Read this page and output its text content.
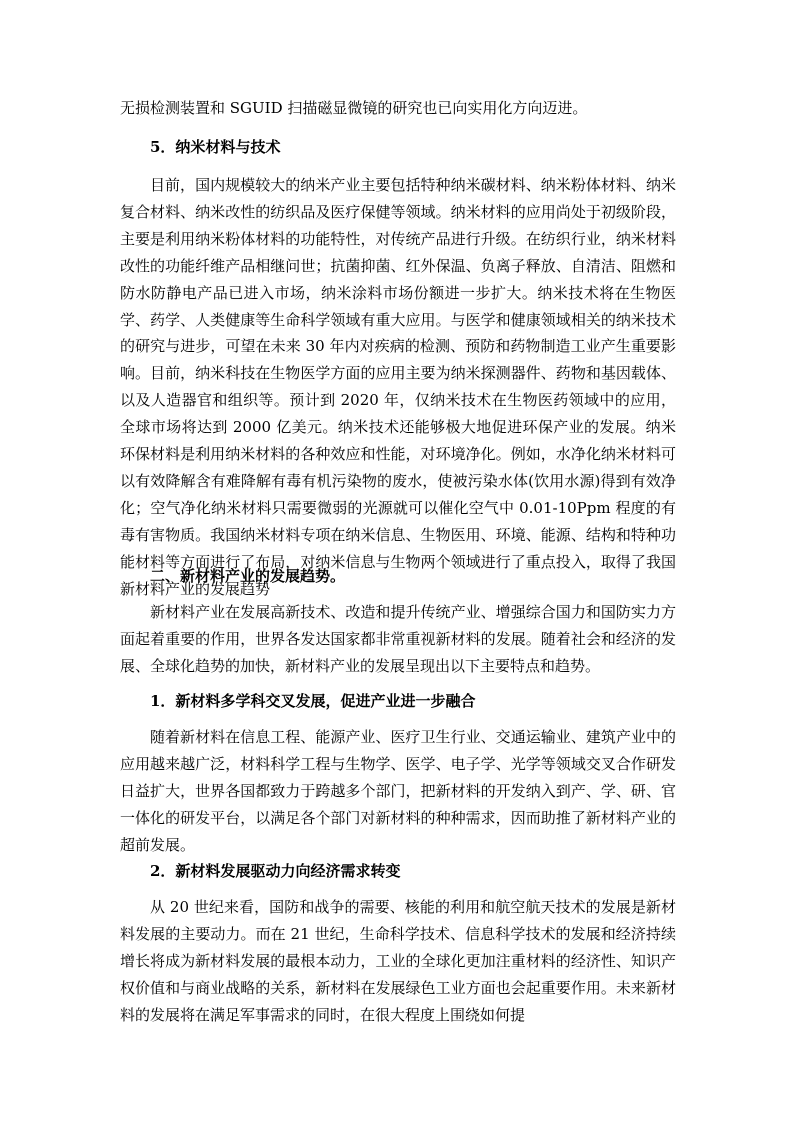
无损检测装置和 SGUID 扫描磁显微镜的研究也已向实用化方向迈进。

5．纳米材料与技术

目前，国内规模较大的纳米产业主要包括特种纳米碳材料、纳米粉体材料、纳米复合材料、纳米改性的纺织品及医疗保健等领域。纳米材料的应用尚处于初级阶段，主要是利用纳米粉体材料的功能特性，对传统产品进行升级。在纺织行业，纳米材料改性的功能纤维产品相继问世；抗菌抑菌、红外保温、负离子释放、自清洁、阻燃和防水防静电产品已进入市场，纳米涂料市场份额进一步扩大。纳米技术将在生物医学、药学、人类健康等生命科学领域有重大应用。与医学和健康领域相关的纳米技术的研究与进步，可望在未来 30 年内对疾病的检测、预防和药物制造工业产生重要影响。目前，纳米科技在生物医学方面的应用主要为纳米探测器件、药物和基因载体、以及人造器官和组织等。预计到 2020 年，仅纳米技术在生物医药领域中的应用，全球市场将达到 2000 亿美元。纳米技术还能够极大地促进环保产业的发展。纳米环保材料是利用纳米材料的各种效应和性能，对环境净化。例如，水净化纳米材料可以有效降解含有难降解有毒有机污染物的废水，使被污染水体(饮用水源)得到有效净化；空气净化纳米材料只需要微弱的光源就可以催化空气中 0.01-10Ppm 程度的有毒有害物质。我国纳米材料专项在纳米信息、生物医用、环境、能源、结构和特种功能材料等方面进行了布局，对纳米信息与生物两个领域进行了重点投入，取得了我国新材料产业的发展趋势

二、新材料产业的发展趋势。

新材料产业在发展高新技术、改造和提升传统产业、增强综合国力和国防实力方面起着重要的作用，世界各发达国家都非常重视新材料的发展。随着社会和经济的发展、全球化趋势的加快，新材料产业的发展呈现出以下主要特点和趋势。

1．新材料多学科交叉发展，促进产业进一步融合

随着新材料在信息工程、能源产业、医疗卫生行业、交通运输业、建筑产业中的应用越来越广泛，材料科学工程与生物学、医学、电子学、光学等领域交叉合作研发日益扩大，世界各国都致力于跨越多个部门，把新材料的开发纳入到产、学、研、官一体化的研发平台，以满足各个部门对新材料的种种需求，因而助推了新材料产业的超前发展。

2．新材料发展驱动力向经济需求转变

从 20 世纪来看，国防和战争的需要、核能的利用和航空航天技术的发展是新材料发展的主要动力。而在 21 世纪，生命科学技术、信息科学技术的发展和经济持续增长将成为新材料发展的最根本动力，工业的全球化更加注重材料的经济性、知识产权价值和与商业战略的关系，新材料在发展绿色工业方面也会起重要作用。未来新材料的发展将在满足军事需求的同时，在很大程度上围绕如何提
